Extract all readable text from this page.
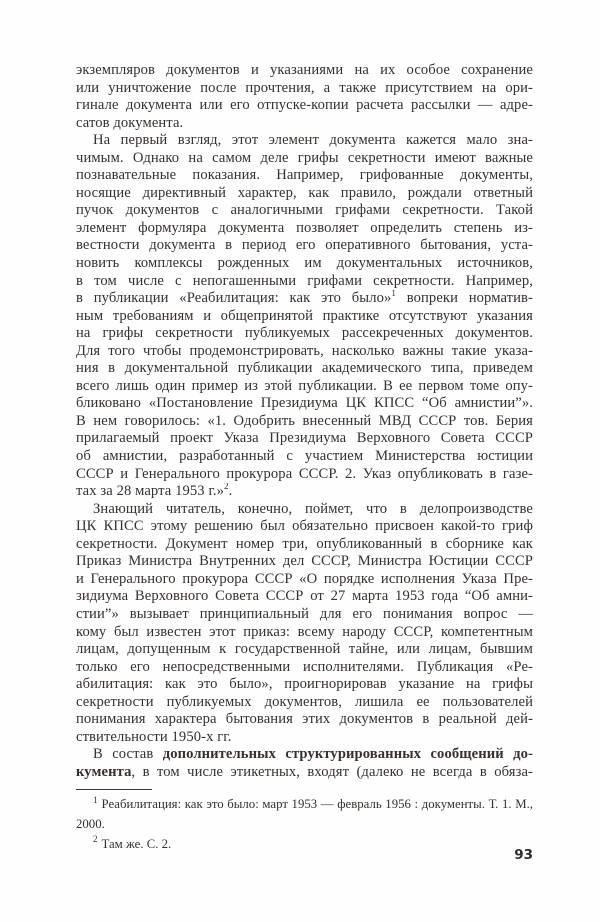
экземпляров документов и указаниями на их особое сохранение
или уничтожение после прочтения, а также присутствием на ори-
гинале документа или его отпуске-копии расчета рассылки — адре-
сатов документа.
На первый взгляд, этот элемент документа кажется мало зна-
чимым. Однако на самом деле грифы секретности имеют важные
познавательные показания. Например, грифованные документы,
носящие директивный характер, как правило, рождали ответный
пучок документов с аналогичными грифами секретности. Такой
элемент формуляра документа позволяет определить степень из-
вестности документа в период его оперативного бытования, уста-
новить комплексы рожденных им документальных источников,
в том числе с непогашенными грифами секретности. Например,
в публикации «Реабилитация: как это было»$^1$ вопреки норматив-
ным требованиям и общепринятой практике отсутствуют указания
на грифы секретности публикуемых рассекреченных документов.
Для того чтобы продемонстрировать, насколько важны такие указа-
ния в документальной публикации академического типа, приведем
всего лишь один пример из этой публикации. В ее первом томе опу-
бликовано «Постановление Президиума ЦК КПСС “Об амнистии”».
В нем говорилось: «1. Одобрить внесенный МВД СССР тов. Берия
прилагаемый проект Указа Президиума Верховного Совета СССР
об амнистии, разработанный с участием Министерства юстиции
СССР и Генерального прокурора СССР. 2. Указ опубликовать в газе-
тах за 28 марта 1953 г.»$^2$.
Знающий читатель, конечно, поймет, что в делопроизводстве
ЦК КПСС этому решению был обязательно присвоен какой-то гриф
секретности. Документ номер три, опубликованный в сборнике как
Приказ Министра Внутренних дел СССР, Министра Юстиции СССР
и Генерального прокурора СССР «О порядке исполнения Указа Пре-
зидиума Верховного Совета СССР от 27 марта 1953 года “Об амни-
стии”» вызывает принципиальный для его понимания вопрос —
кому был известен этот приказ: всему народу СССР, компетентным
лицам, допущенным к государственной тайне, или лицам, бывшим
только его непосредственными исполнителями. Публикация «Ре-
абилитация: как это было», проигнорировав указание на грифы
секретности публикуемых документов, лишила ее пользователей
понимания характера бытования этих документов в реальной дей-
ствительности 1950-х гг.
В состав дополнительных структурированных сообщений до-
кумента, в том числе этикетных, входят (далеко не всегда в обяза-
$^1$ Реабилитация: как это было: март 1953 — февраль 1956 : документы. Т. 1. М.,
2000.
$^2$ Там же. С. 2.
93
